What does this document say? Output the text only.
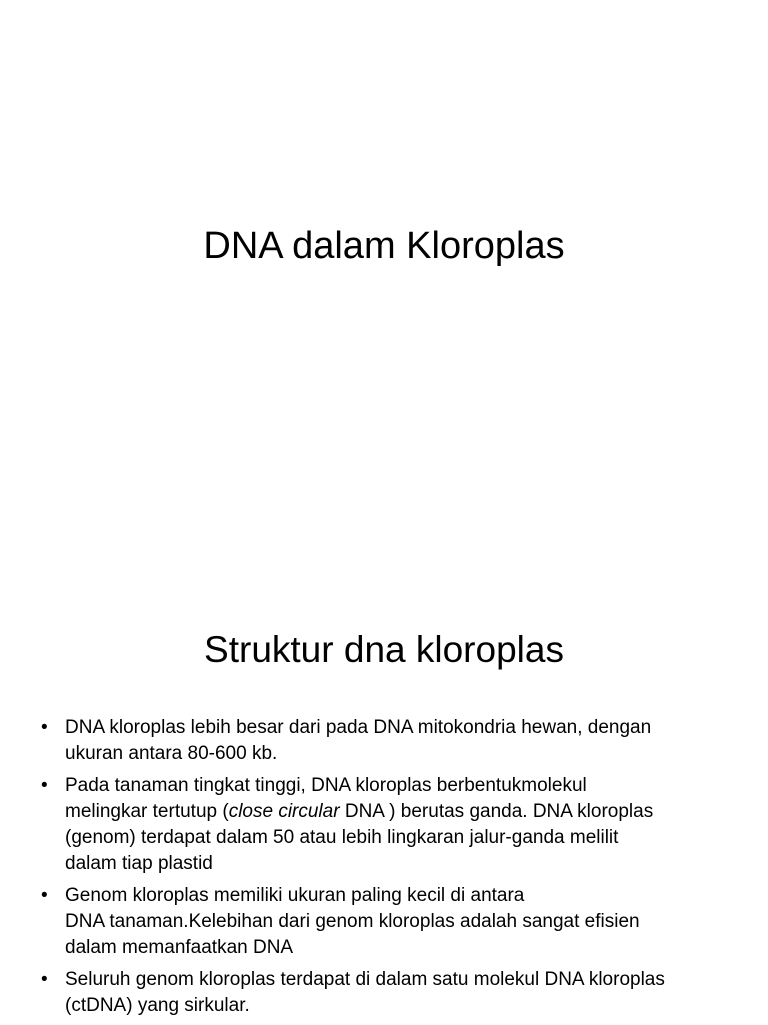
DNA dalam Kloroplas
Struktur dna kloroplas
• DNA kloroplas lebih besar dari pada DNA mitokondria hewan, dengan
ukuran antara 80-600 kb.
• Pada tanaman tingkat tinggi, DNA kloroplas berbentukmolekul
melingkar tertutup (close circular DNA ) berutas ganda. DNA kloroplas
(genom) terdapat dalam 50 atau lebih lingkaran jalur-ganda melilit
dalam tiap plastid
• Genom kloroplas memiliki ukuran paling kecil di antara
DNA tanaman.Kelebihan dari genom kloroplas adalah sangat efisien
dalam memanfaatkan DNA
• Seluruh genom kloroplas terdapat di dalam satu molekul DNA kloroplas
(ctDNA) yang sirkular.
